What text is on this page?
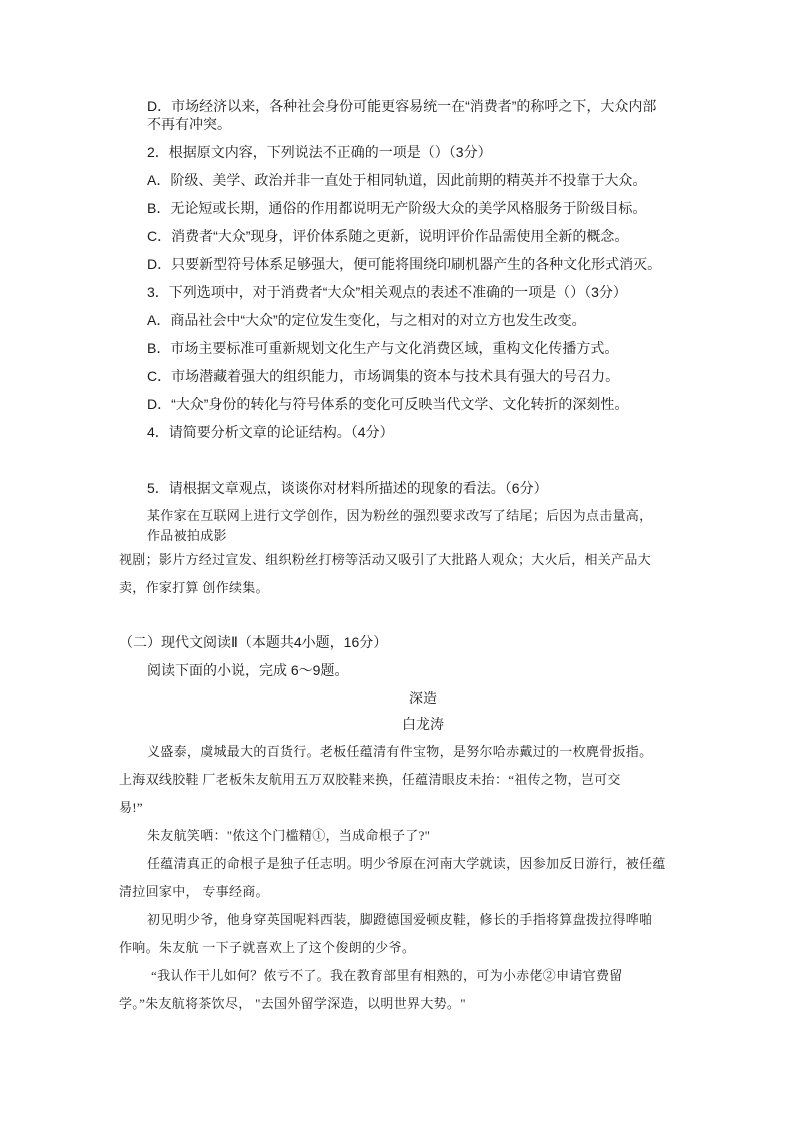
D．市场经济以来，各种社会身份可能更容易统一在“消费者”的称呼之下，大众内部
不再有冲突。
2．根据原文内容，下列说法不正确的一项是（）（3分）
A．阶级、美学、政治并非一直处于相同轨道，因此前期的精英并不投靠于大众。
B．无论短或长期，通俗的作用都说明无产阶级大众的美学风格服务于阶级目标。
C．消费者“大众”现身，评价体系随之更新，说明评价作品需使用全新的概念。
D．只要新型符号体系足够强大，便可能将围绕印刷机器产生的各种文化形式消灭。
3．下列选项中，对于消费者“大众”相关观点的表述不准确的一项是（）（3分）
A．商品社会中“大众”的定位发生变化，与之相对的对立方也发生改变。
B．市场主要标准可重新规划文化生产与文化消费区域，重构文化传播方式。
C．市场潜藏着强大的组织能力，市场调集的资本与技术具有强大的号召力。
D．“大众”身份的转化与符号体系的变化可反映当代文学、文化转折的深刻性。
4．请简要分析文章的论证结构。（4分）
5．请根据文章观点，谈谈你对材料所描述的现象的看法。（6分）
某作家在互联网上进行文学创作，因为粉丝的强烈要求改写了结尾；后因为点击量高，
作品被拍成影
视剧；影片方经过宣发、组织粉丝打榜等活动又吸引了大批路人观众；大火后，相关产品大
卖，作家打算 创作续集。
（二）现代文阅读Ⅱ（本题共4小题，16分）
阅读下面的小说，完成 6～9题。
深造
白龙涛
义盛泰，虞城最大的百货行。老板任蕴清有件宝物，是努尔哈赤戴过的一枚麂骨扳指。
上海双线胶鞋 厂老板朱友航用五万双胶鞋来换，任蕴清眼皮未抬：“祖传之物，岂可交
易!”
朱友航笑哂："侬这个门槛精①，当成命根子了?"
任蕴清真正的命根子是独子任志明。明少爷原在河南大学就读，因参加反日游行，被任蕴
清拉回家中， 专事经商。
初见明少爷，他身穿英国呢料西装，脚蹬德国爱顿皮鞋，修长的手指将算盘拨拉得哗啪
作响。朱友航 一下子就喜欢上了这个俊朗的少爷。
“我认作干儿如何？侬亏不了。我在教育部里有相熟的，可为小赤佬②申请官费留
学。”朱友航将茶饮尽， "去国外留学深造，以明世界大势。"
